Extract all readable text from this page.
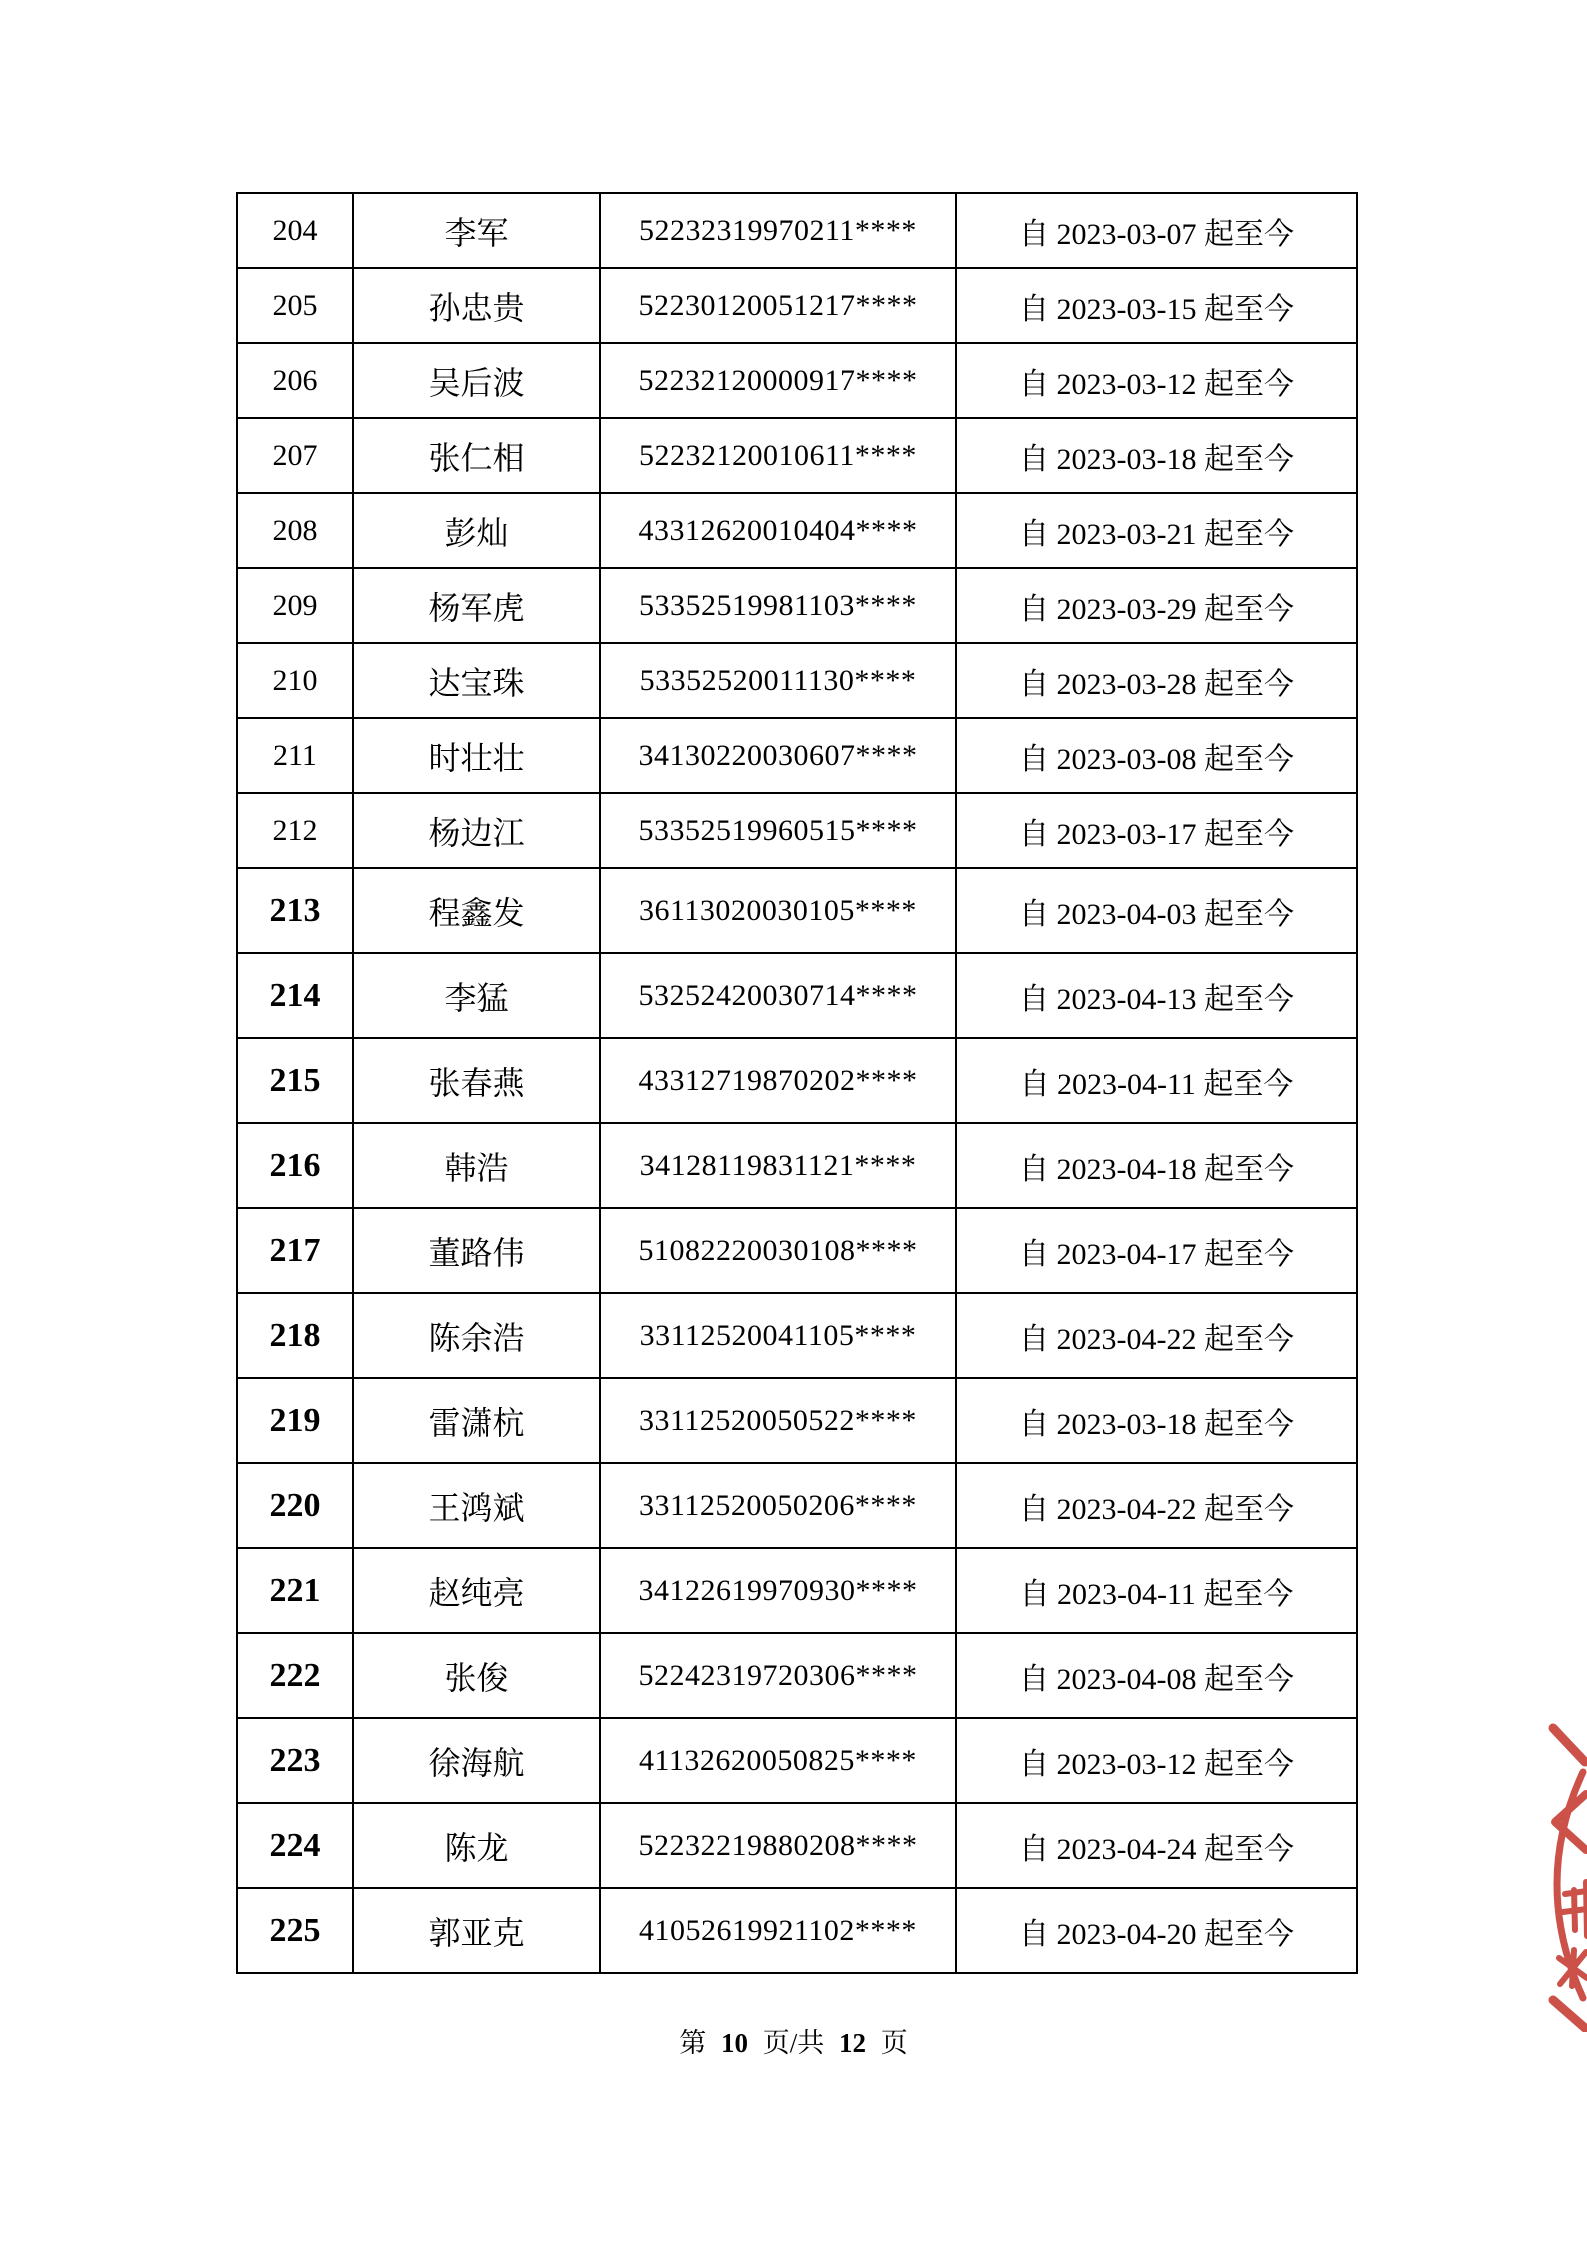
204	李军	52232319970211****	自 2023-03-07 起至今
205	孙忠贵	52230120051217****	自 2023-03-15 起至今
206	吴后波	52232120000917****	自 2023-03-12 起至今
207	张仁相	52232120010611****	自 2023-03-18 起至今
208	彭灿	43312620010404****	自 2023-03-21 起至今
209	杨军虎	53352519981103****	自 2023-03-29 起至今
210	达宝珠	53352520011130****	自 2023-03-28 起至今
211	时壮壮	34130220030607****	自 2023-03-08 起至今
212	杨边江	53352519960515****	自 2023-03-17 起至今
213	程鑫发	36113020030105****	自 2023-04-03 起至今
214	李猛	53252420030714****	自 2023-04-13 起至今
215	张春燕	43312719870202****	自 2023-04-11 起至今
216	韩浩	34128119831121****	自 2023-04-18 起至今
217	董路伟	51082220030108****	自 2023-04-17 起至今
218	陈余浩	33112520041105****	自 2023-04-22 起至今
219	雷潇杭	33112520050522****	自 2023-03-18 起至今
220	王鸿斌	33112520050206****	自 2023-04-22 起至今
221	赵纯亮	34122619970930****	自 2023-04-11 起至今
222	张俊	52242319720306****	自 2023-04-08 起至今
223	徐海航	41132620050825****	自 2023-03-12 起至今
224	陈龙	52232219880208****	自 2023-04-24 起至今
225	郭亚克	41052619921102****	自 2023-04-20 起至今
第 10 页/共 12 页
